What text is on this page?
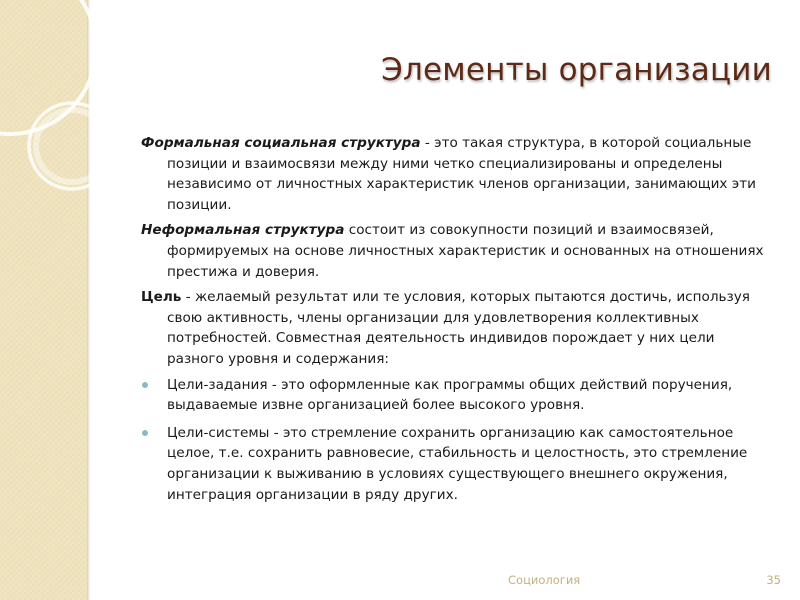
Элементы организации

Формальная социальная структура - это такая структура, в которой социальные позиции и взаимосвязи между ними четко специализированы и определены независимо от личностных характеристик членов организации, занимающих эти позиции.

Неформальная структура состоит из совокупности позиций и взаимосвязей, формируемых на основе личностных характеристик и основанных на отношениях престижа и доверия.

Цель - желаемый результат или те условия, которых пытаются достичь, используя свою активность, члены организации для удовлетворения коллективных потребностей. Совместная деятельность индивидов порождает у них цели разного уровня и содержания:

Цели-задания - это оформленные как программы общих действий поручения, выдаваемые извне организацией более высокого уровня.
Цели-системы - это стремление сохранить организацию как самостоятельное целое, т.е. сохранить равновесие, стабильность и целостность, это стремление организации к выживанию в условиях существующего внешнего окружения, интеграция организации в ряду других.
Социология	35
